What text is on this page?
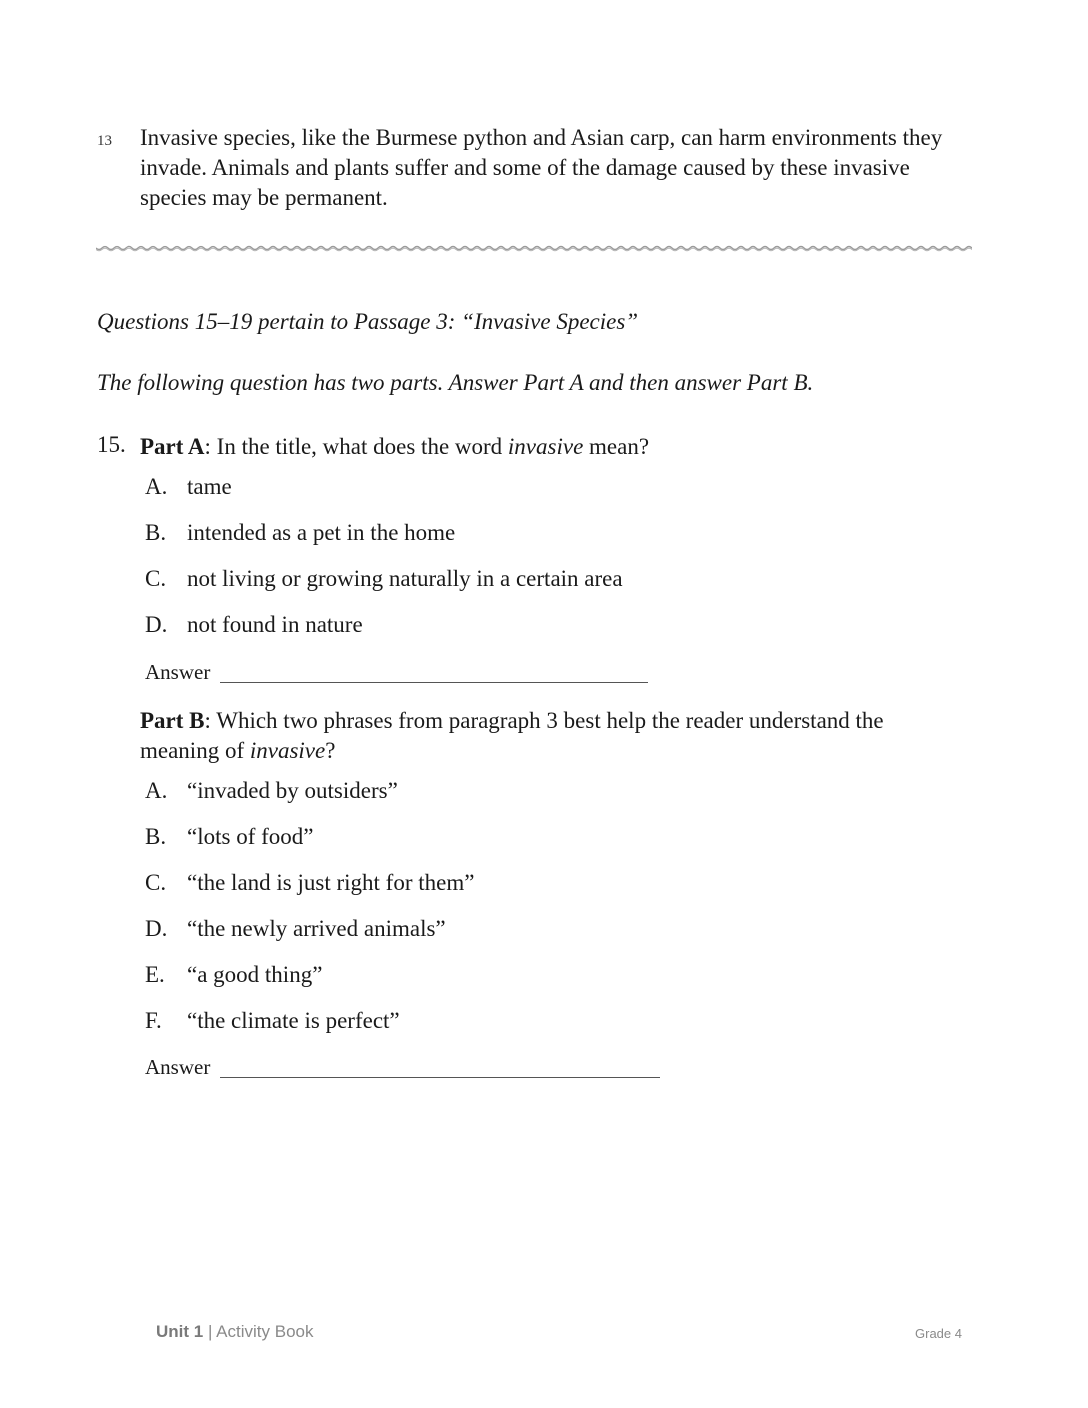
13 Invasive species, like the Burmese python and Asian carp, can harm environments they invade. Animals and plants suffer and some of the damage caused by these invasive species may be permanent.
Questions 15–19 pertain to Passage 3: “Invasive Species”
The following question has two parts. Answer Part A and then answer Part B.
15. Part A: In the title, what does the word invasive mean?
A. tame
B. intended as a pet in the home
C. not living or growing naturally in a certain area
D. not found in nature
Answer
Part B: Which two phrases from paragraph 3 best help the reader understand the meaning of invasive?
A. “invaded by outsiders”
B. “lots of food”
C. “the land is just right for them”
D. “the newly arrived animals”
E. “a good thing”
F.	“the climate is perfect”
Answer
Unit 1 | Activity Book	Grade 4
